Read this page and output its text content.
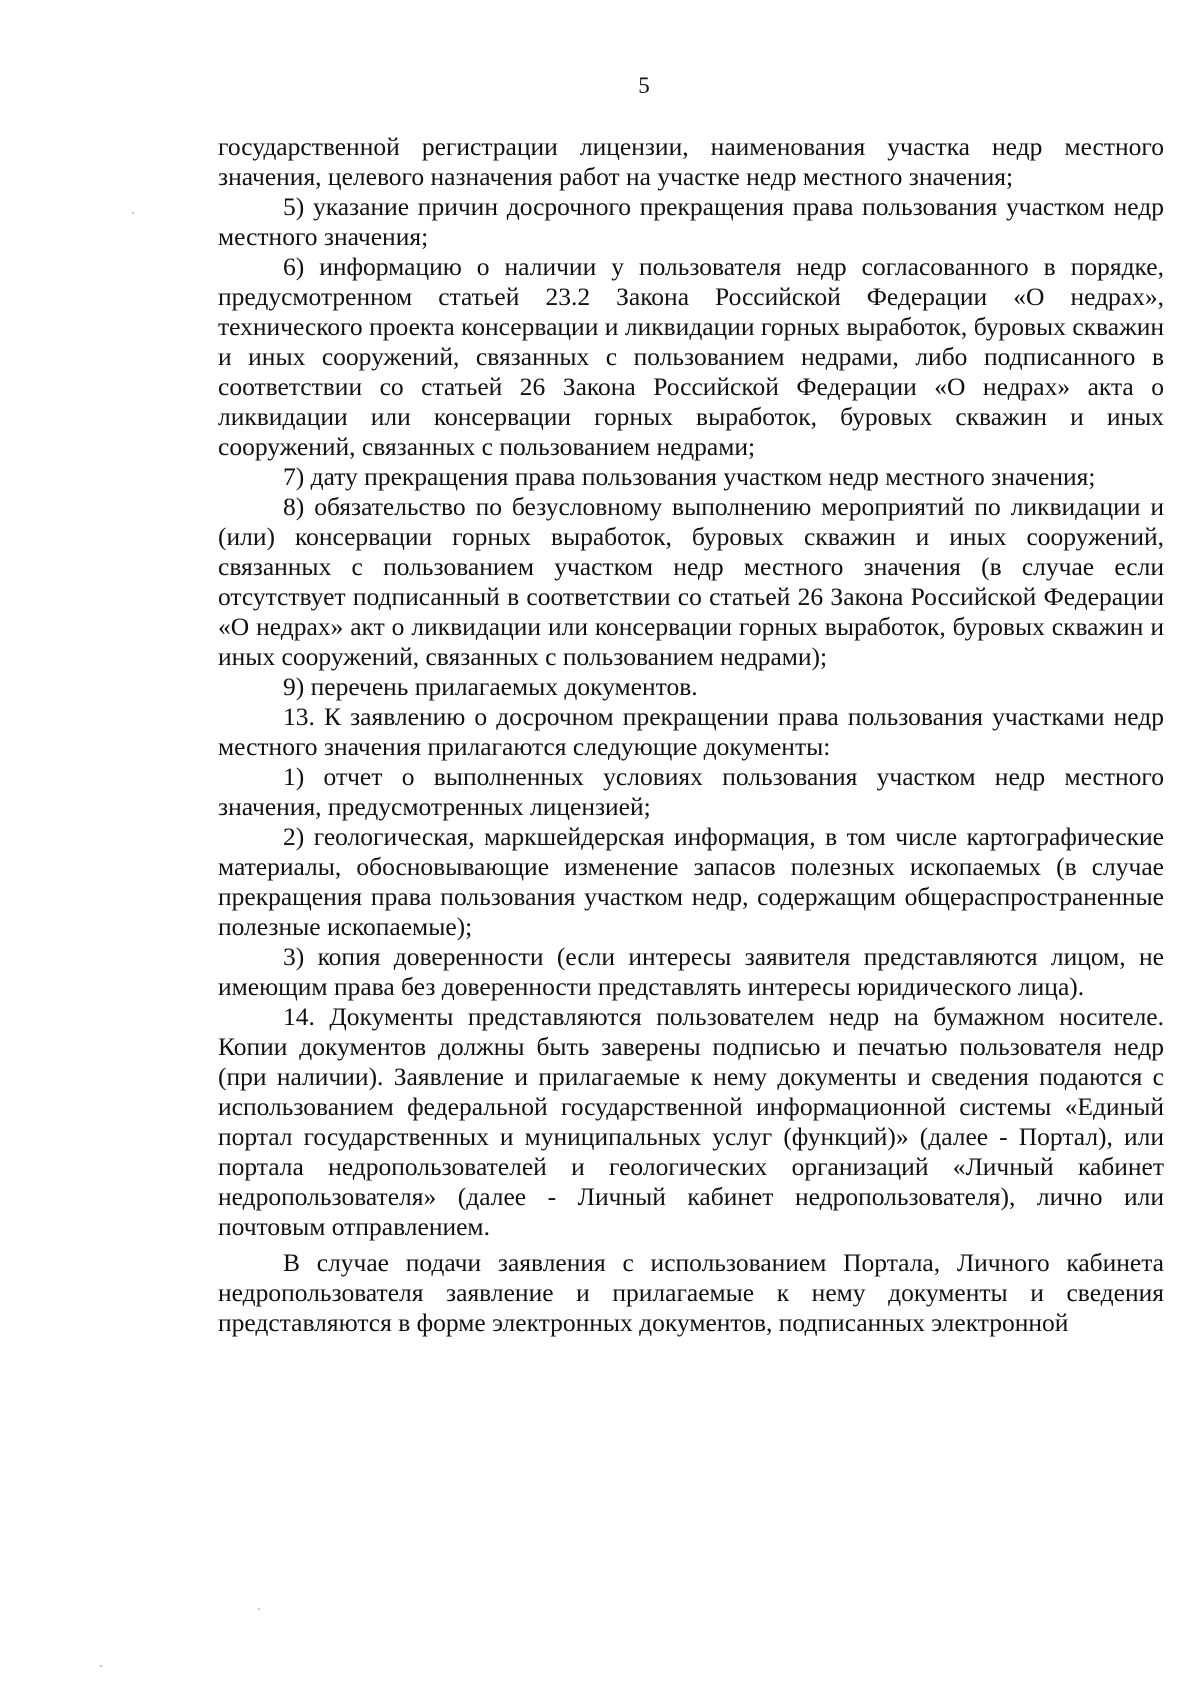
5

государственной регистрации лицензии, наименования участка недр местного значения, целевого назначения работ на участке недр местного значения;

5) указание причин досрочного прекращения права пользования участком недр местного значения;

6) информацию о наличии у пользователя недр согласованного в порядке, предусмотренном статьей 23.2 Закона Российской Федерации «О недрах», технического проекта консервации и ликвидации горных выработок, буровых скважин и иных сооружений, связанных с пользованием недрами, либо подписанного в соответствии со статьей 26 Закона Российской Федерации «О недрах» акта о ликвидации или консервации горных выработок, буровых скважин и иных сооружений, связанных с пользованием недрами;

7) дату прекращения права пользования участком недр местного значения;

8) обязательство по безусловному выполнению мероприятий по ликвидации и (или) консервации горных выработок, буровых скважин и иных сооружений, связанных с пользованием участком недр местного значения (в случае если отсутствует подписанный в соответствии со статьей 26 Закона Российской Федерации «О недрах» акт о ликвидации или консервации горных выработок, буровых скважин и иных сооружений, связанных с пользованием недрами);

9) перечень прилагаемых документов.

13. К заявлению о досрочном прекращении права пользования участками недр местного значения прилагаются следующие документы:

1) отчет о выполненных условиях пользования участком недр местного значения, предусмотренных лицензией;

2) геологическая, маркшейдерская информация, в том числе картографические материалы, обосновывающие изменение запасов полезных ископаемых (в случае прекращения права пользования участком недр, содержащим общераспространенные полезные ископаемые);

3) копия доверенности (если интересы заявителя представляются лицом, не имеющим права без доверенности представлять интересы юридического лица).

14. Документы представляются пользователем недр на бумажном носителе. Копии документов должны быть заверены подписью и печатью пользователя недр (при наличии). Заявление и прилагаемые к нему документы и сведения подаются с использованием федеральной государственной информационной системы «Единый портал государственных и муниципальных услуг (функций)» (далее - Портал), или портала недропользователей и геологических организаций «Личный кабинет недропользователя» (далее - Личный кабинет недропользователя), лично или почтовым отправлением.

В случае подачи заявления с использованием Портала, Личного кабинета недропользователя заявление и прилагаемые к нему документы и сведения представляются в форме электронных документов, подписанных электронной
